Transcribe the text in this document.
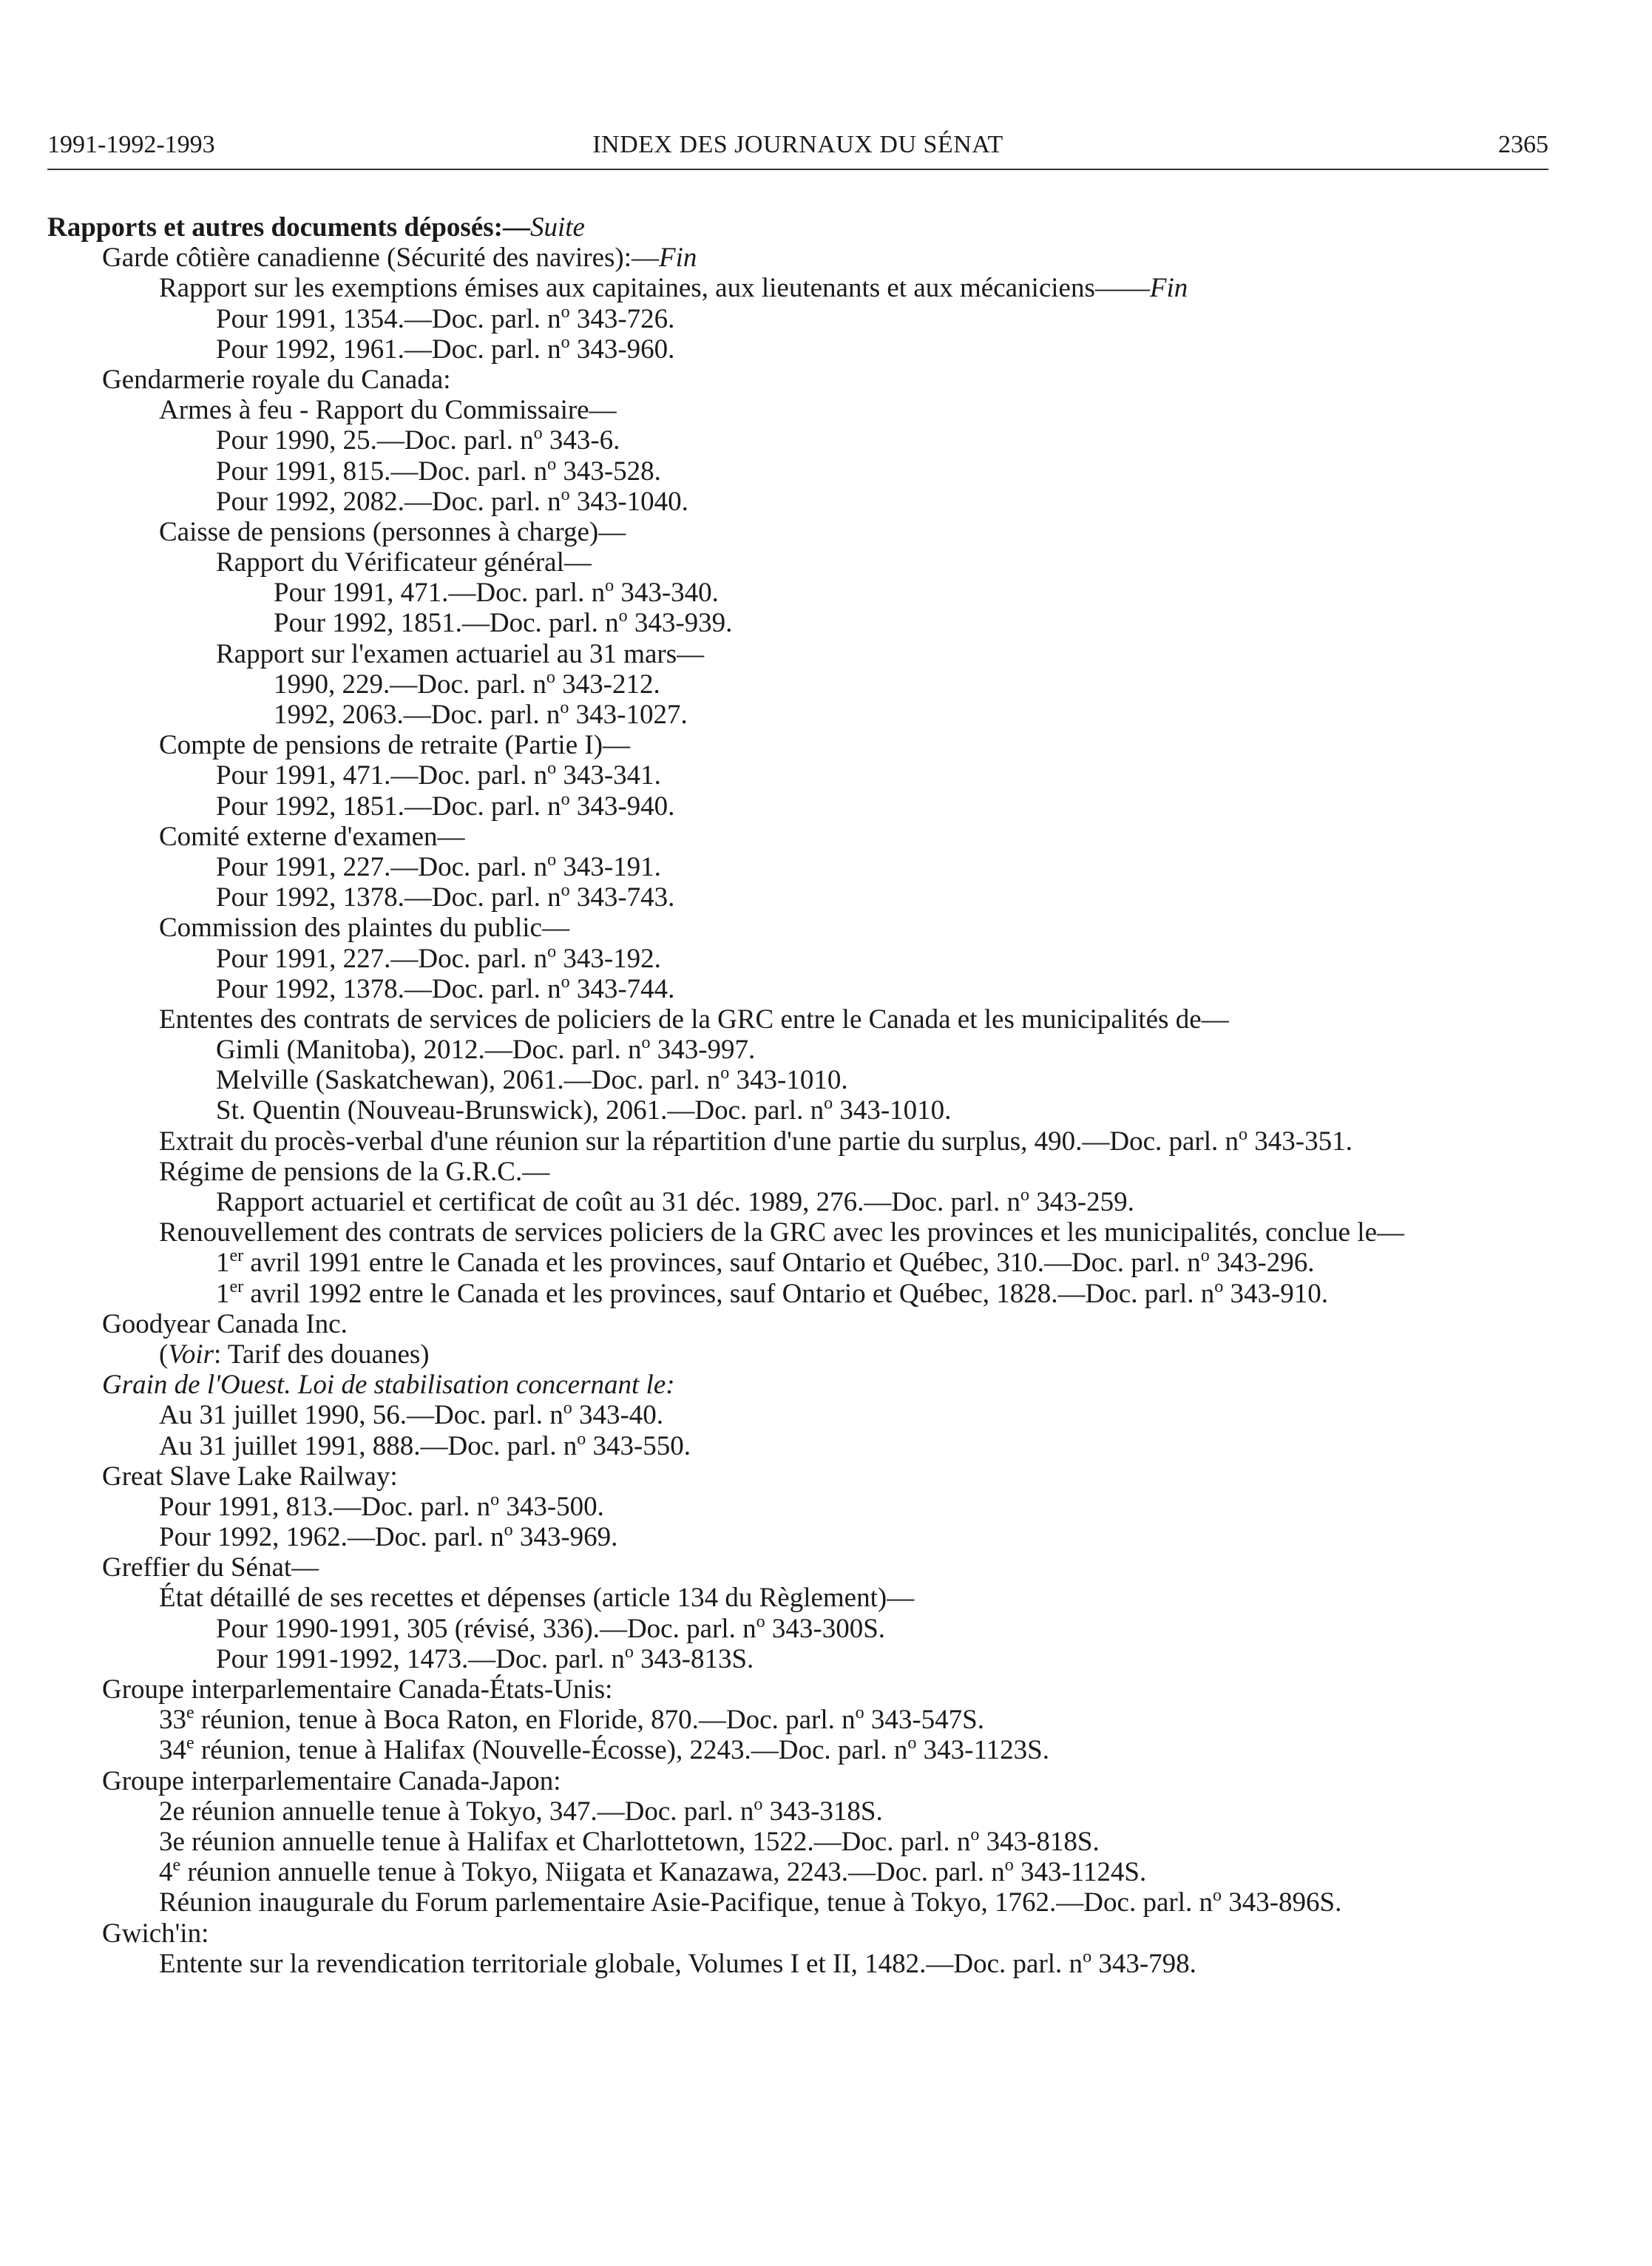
1991-1992-1993	INDEX DES JOURNAUX DU SÉNAT	2365
Rapports et autres documents déposés:—Suite
Garde côtière canadienne (Sécurité des navires):—Fin
Rapport sur les exemptions émises aux capitaines, aux lieutenants et aux mécaniciens——Fin
Pour 1991, 1354.—Doc. parl. $n^o$ 343-726.
Pour 1992, 1961.—Doc. parl. $n^o$ 343-960.
Gendarmerie royale du Canada:
Armes à feu - Rapport du Commissaire—
Pour 1990, 25.—Doc. parl. $n^o$ 343-6.
Pour 1991, 815.—Doc. parl. $n^o$ 343-528.
Pour 1992, 2082.—Doc. parl. $n^o$ 343-1040.
Caisse de pensions (personnes à charge)—
Rapport du Vérificateur général—
Pour 1991, 471.—Doc. parl. $n^o$ 343-340.
Pour 1992, 1851.—Doc. parl. $n^o$ 343-939.
Rapport sur l'examen actuariel au 31 mars—
1990, 229.—Doc. parl. $n^o$ 343-212.
1992, 2063.—Doc. parl. $n^o$ 343-1027.
Compte de pensions de retraite (Partie I)—
Pour 1991, 471.—Doc. parl. $n^o$ 343-341.
Pour 1992, 1851.—Doc. parl. $n^o$ 343-940.
Comité externe d'examen—
Pour 1991, 227.—Doc. parl. $n^o$ 343-191.
Pour 1992, 1378.—Doc. parl. $n^o$ 343-743.
Commission des plaintes du public—
Pour 1991, 227.—Doc. parl. $n^o$ 343-192.
Pour 1992, 1378.—Doc. parl. $n^o$ 343-744.
Ententes des contrats de services de policiers de la GRC entre le Canada et les municipalités de—
Gimli (Manitoba), 2012.—Doc. parl. $n^o$ 343-997.
Melville (Saskatchewan), 2061.—Doc. parl. $n^o$ 343-1010.
St. Quentin (Nouveau-Brunswick), 2061.—Doc. parl. $n^o$ 343-1010.
Extrait du procès-verbal d'une réunion sur la répartition d'une partie du surplus, 490.—Doc. parl. $n^o$ 343-351.
Régime de pensions de la G.R.C.—
Rapport actuariel et certificat de coût au 31 déc. 1989, 276.—Doc. parl. $n^o$ 343-259.
Renouvellement des contrats de services policiers de la GRC avec les provinces et les municipalités, conclue le—
1er avril 1991 entre le Canada et les provinces, sauf Ontario et Québec, 310.—Doc. parl. $n^o$ 343-296.
1er avril 1992 entre le Canada et les provinces, sauf Ontario et Québec, 1828.—Doc. parl. $n^o$ 343-910.
Goodyear Canada Inc.
(Voir: Tarif des douanes)
Grain de l'Ouest. Loi de stabilisation concernant le:
Au 31 juillet 1990, 56.—Doc. parl. $n^o$ 343-40.
Au 31 juillet 1991, 888.—Doc. parl. $n^o$ 343-550.
Great Slave Lake Railway:
Pour 1991, 813.—Doc. parl. $n^o$ 343-500.
Pour 1992, 1962.—Doc. parl. $n^o$ 343-969.
Greffier du Sénat—
État détaillé de ses recettes et dépenses (article 134 du Règlement)—
Pour 1990-1991, 305 (révisé, 336).—Doc. parl. $n^o$ 343-300S.
Pour 1991-1992, 1473.—Doc. parl. $n^o$ 343-813S.
Groupe interparlementaire Canada-États-Unis:
33e réunion, tenue à Boca Raton, en Floride, 870.—Doc. parl. $n^o$ 343-547S.
34e réunion, tenue à Halifax (Nouvelle-Écosse), 2243.—Doc. parl. $n^o$ 343-1123S.
Groupe interparlementaire Canada-Japon:
2e réunion annuelle tenue à Tokyo, 347.—Doc. parl. $n^o$ 343-318S.
3e réunion annuelle tenue à Halifax et Charlottetown, 1522.—Doc. parl. $n^o$ 343-818S.
4e réunion annuelle tenue à Tokyo, Niigata et Kanazawa, 2243.—Doc. parl. $n^o$ 343-1124S.
Réunion inaugurale du Forum parlementaire Asie-Pacifique, tenue à Tokyo, 1762.—Doc. parl. $n^o$ 343-896S.
Gwich'in:
Entente sur la revendication territoriale globale, Volumes I et II, 1482.—Doc. parl. $n^o$ 343-798.
